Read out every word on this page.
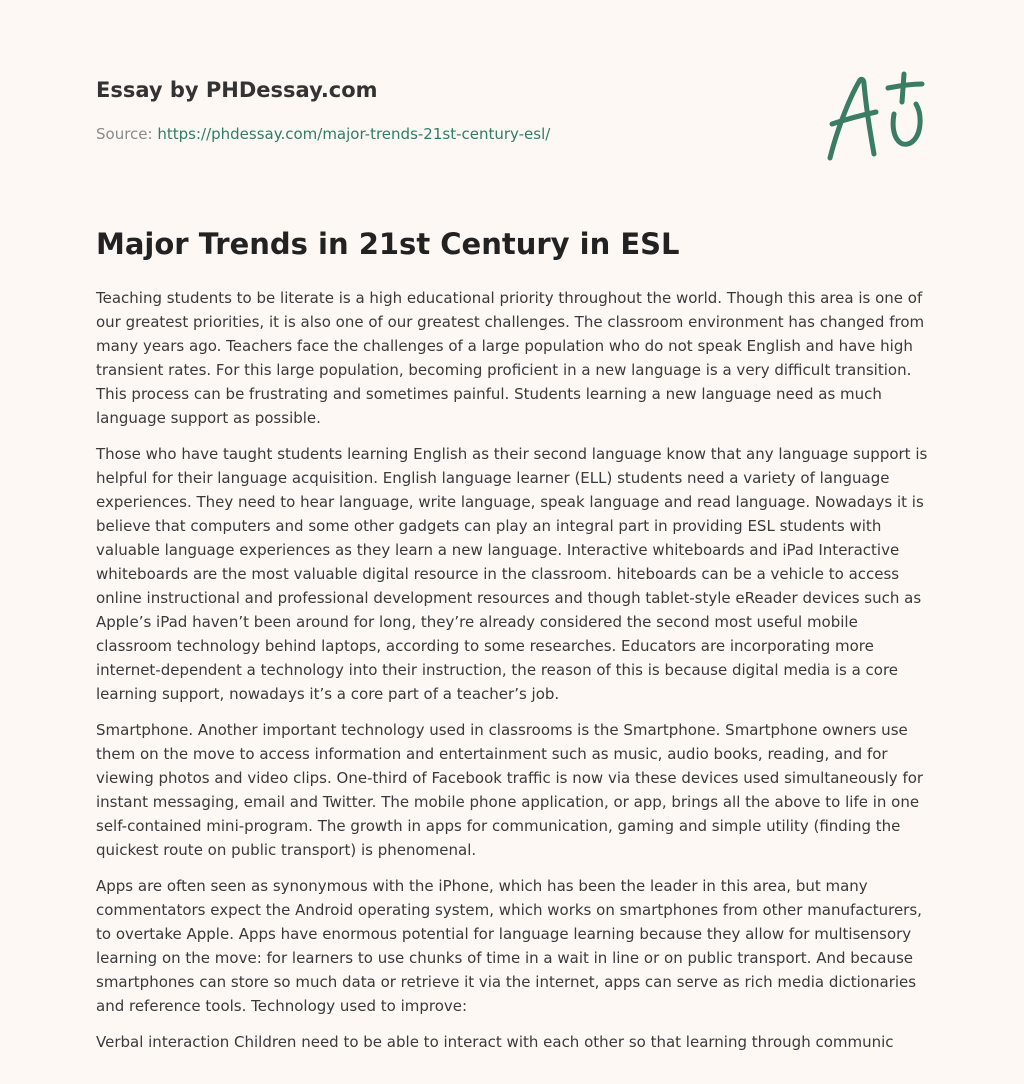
Essay by PHDessay.com

Source: https://phdessay.com/major-trends-21st-century-esl/
Major Trends in 21st Century in ESL

Teaching students to be literate is a high educational priority throughout the world. Though this area is one of our greatest priorities, it is also one of our greatest challenges. The classroom environment has changed from many years ago. Teachers face the challenges of a large population who do not speak English and have high transient rates. For this large population, becoming proficient in a new language is a very difficult transition. This process can be frustrating and sometimes painful. Students learning a new language need as much language support as possible.

Those who have taught students learning English as their second language know that any language support is helpful for their language acquisition. English language learner (ELL) students need a variety of language experiences. They need to hear language, write language, speak language and read language. Nowadays it is believe that computers and some other gadgets can play an integral part in providing ESL students with valuable language experiences as they learn a new language. Interactive whiteboards and iPad Interactive whiteboards are the most valuable digital resource in the classroom. hiteboards can be a vehicle to access online instructional and professional development resources and though tablet-style eReader devices such as Apple’s iPad haven’t been around for long, they’re already considered the second most useful mobile classroom technology behind laptops, according to some researches. Educators are incorporating more internet-dependent a technology into their instruction, the reason of this is because digital media is a core learning support, nowadays it’s a core part of a teacher’s job.

Smartphone. Another important technology used in classrooms is the Smartphone. Smartphone owners use them on the move to access information and entertainment such as music, audio books, reading, and for viewing photos and video clips. One-third of Facebook traffic is now via these devices used simultaneously for instant messaging, email and Twitter. The mobile phone application, or app, brings all the above to life in one self-contained mini-program. The growth in apps for communication, gaming and simple utility (finding the quickest route on public transport) is phenomenal.

Apps are often seen as synonymous with the iPhone, which has been the leader in this area, but many commentators expect the Android operating system, which works on smartphones from other manufacturers, to overtake Apple. Apps have enormous potential for language learning because they allow for multisensory learning on the move: for learners to use chunks of time in a wait in line or on public transport. And because smartphones can store so much data or retrieve it via the internet, apps can serve as rich media dictionaries and reference tools. Technology used to improve:

Verbal interaction Children need to be able to interact with each other so that learning through communic
